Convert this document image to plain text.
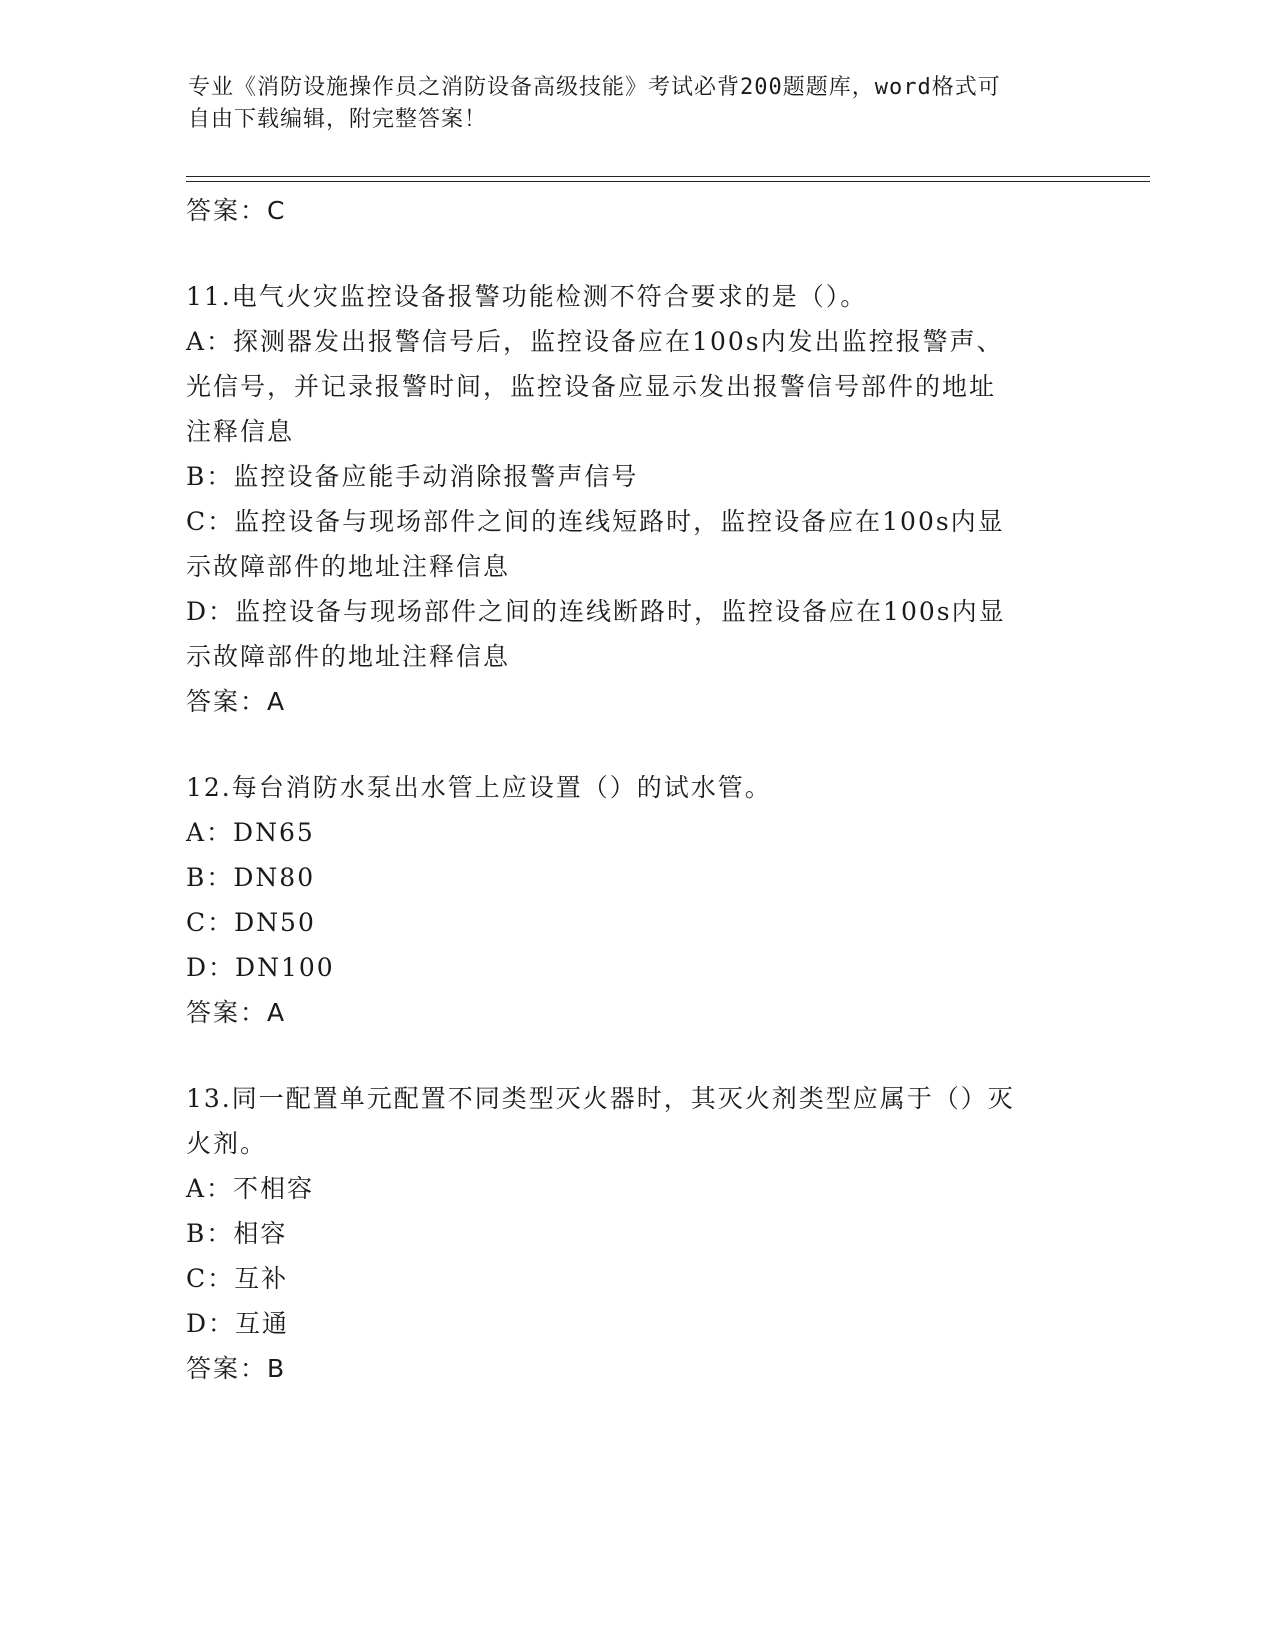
专业《消防设施操作员之消防设备高级技能》考试必背200题题库，word格式可
自由下载编辑，附完整答案！

答案：C

11.电气火灾监控设备报警功能检测不符合要求的是（）。

A：探测器发出报警信号后，监控设备应在100s内发出监控报警声、

光信号，并记录报警时间，监控设备应显示发出报警信号部件的地址

注释信息

B：监控设备应能手动消除报警声信号

C：监控设备与现场部件之间的连线短路时，监控设备应在100s内显

示故障部件的地址注释信息

D：监控设备与现场部件之间的连线断路时，监控设备应在100s内显

示故障部件的地址注释信息

答案：A

12.每台消防水泵出水管上应设置（）的试水管。

A：DN65

B：DN80

C：DN50

D：DN100

答案：A

13.同一配置单元配置不同类型灭火器时，其灭火剂类型应属于（）灭

火剂。

A：不相容

B：相容

C：互补

D：互通

答案：B
